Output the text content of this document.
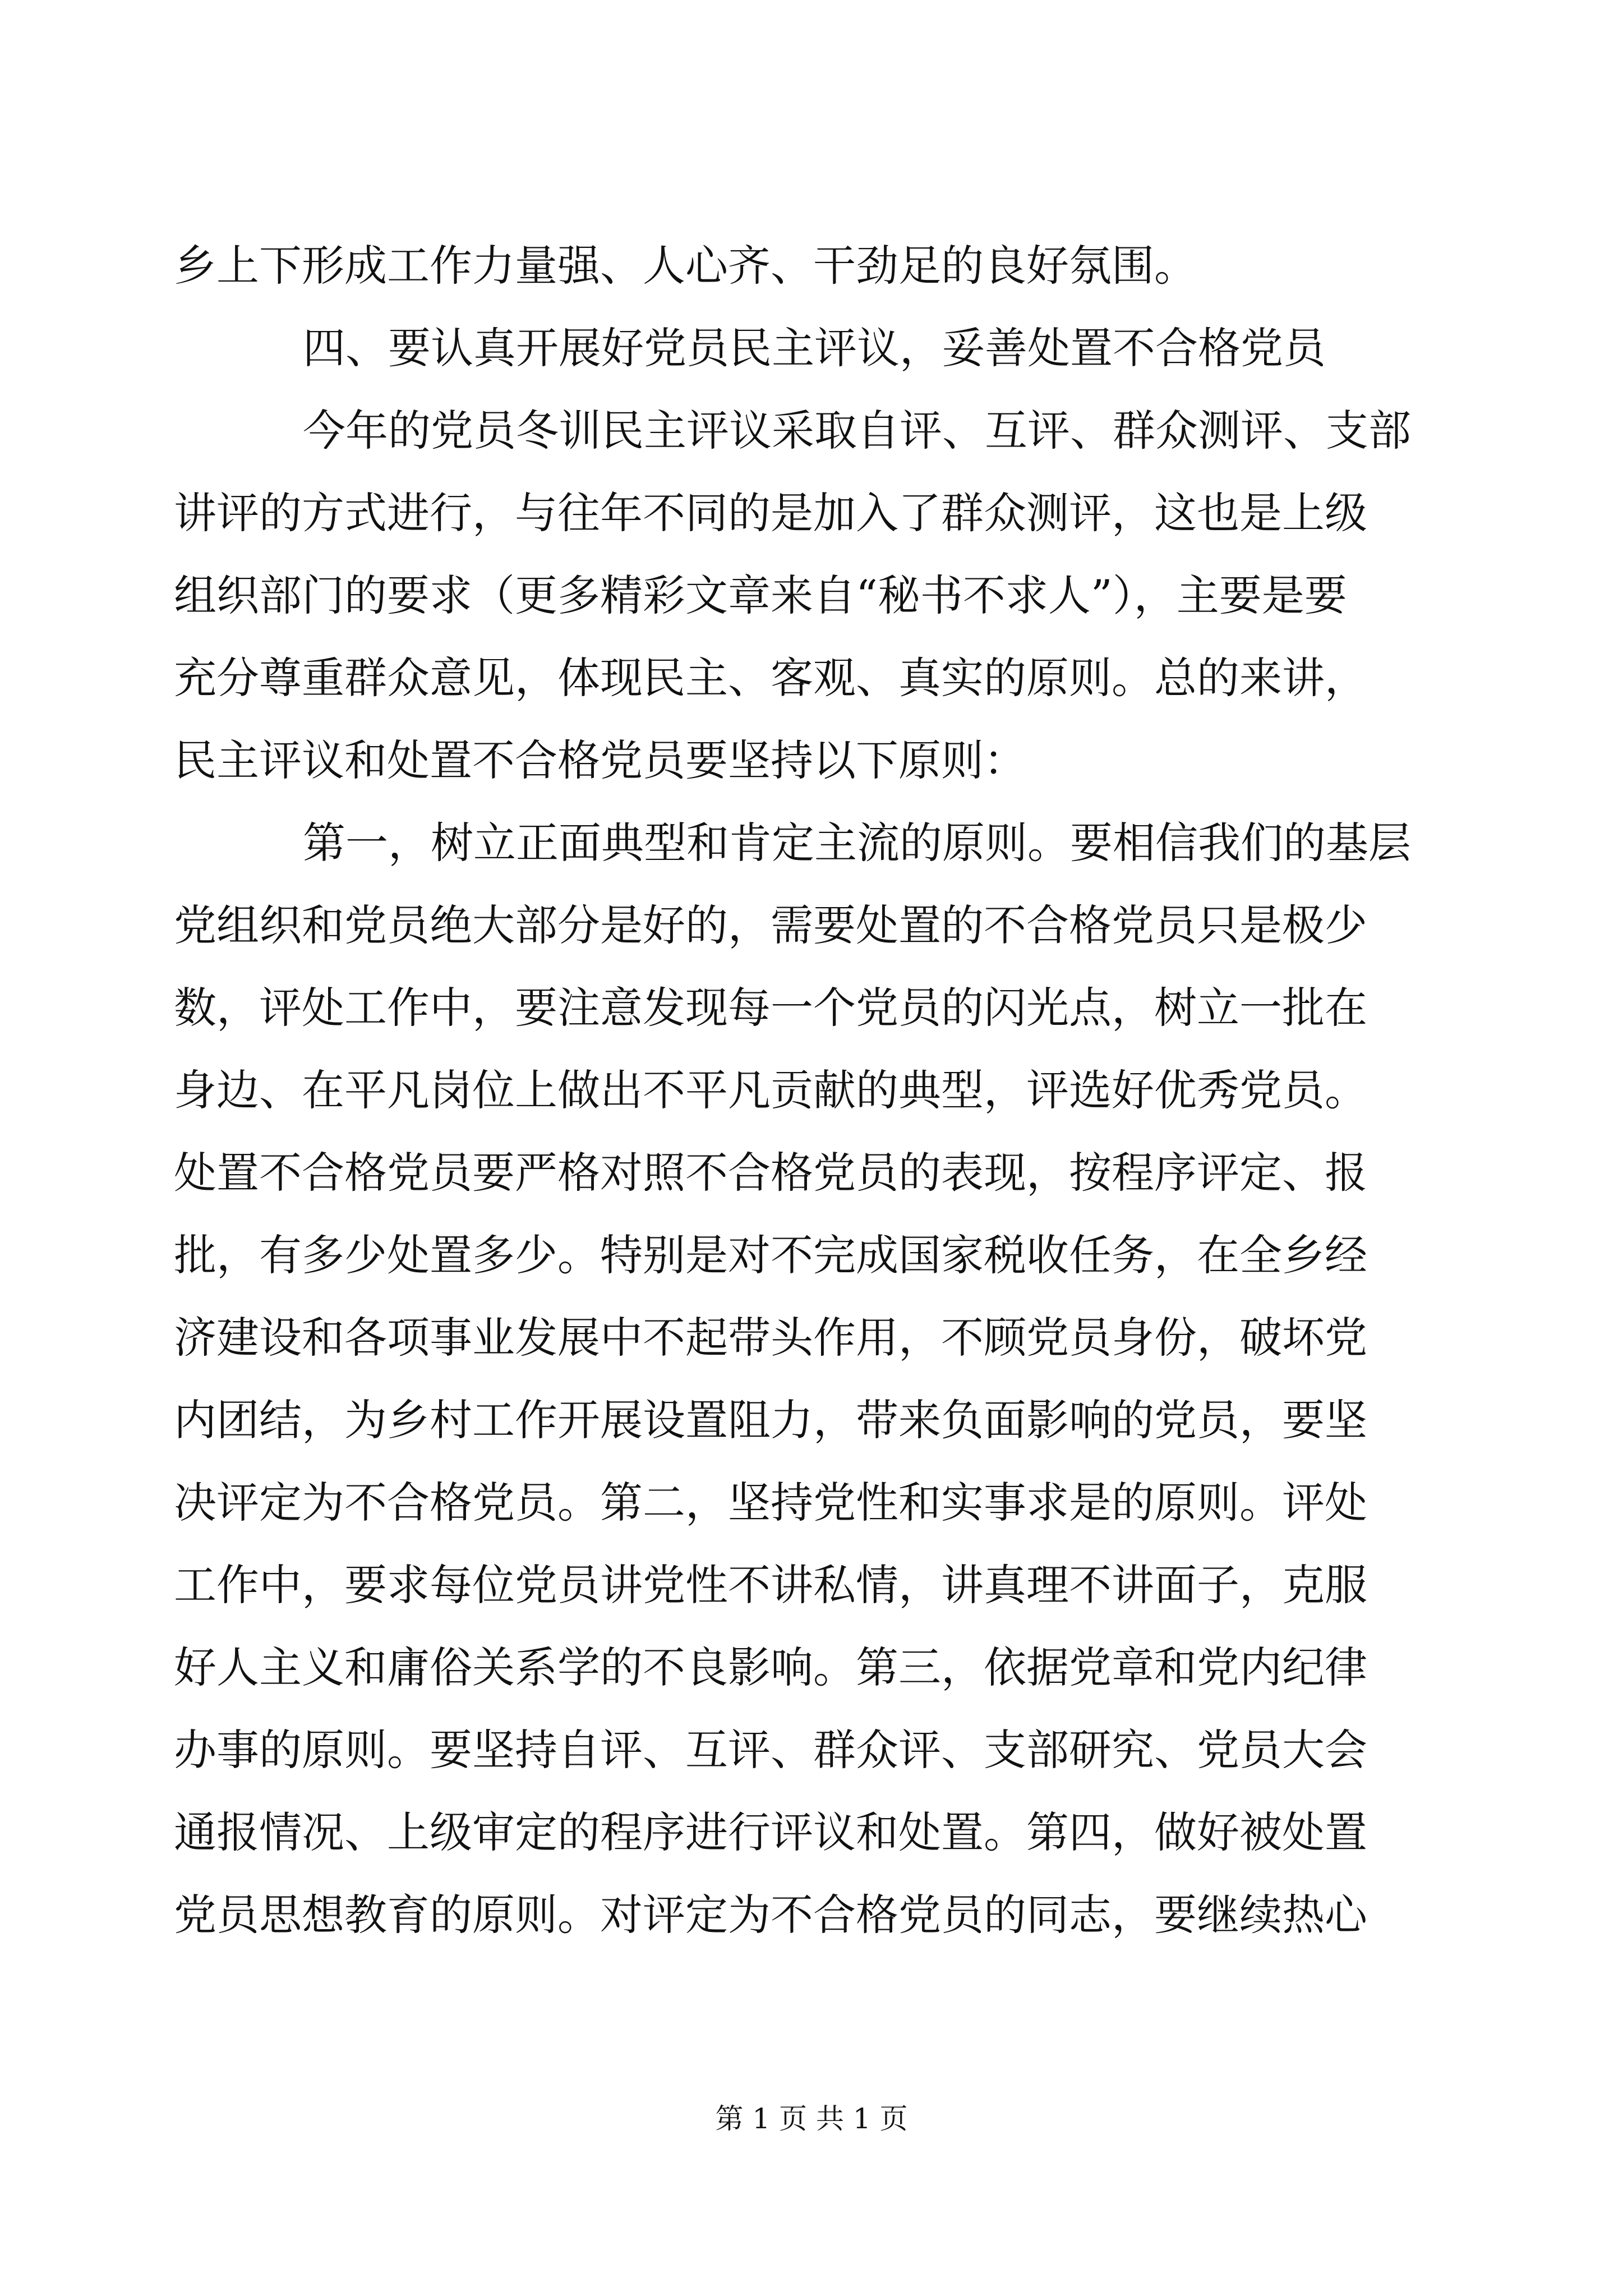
乡上下形成工作力量强、人心齐、干劲足的良好氛围。
四、要认真开展好党员民主评议，妥善处置不合格党员
今年的党员冬训民主评议采取自评、互评、群众测评、支部
讲评的方式进行，与往年不同的是加入了群众测评，这也是上级
组织部门的要求（更多精彩文章来自“秘书不求人”），主要是要
充分尊重群众意见，体现民主、客观、真实的原则。总的来讲，
民主评议和处置不合格党员要坚持以下原则：
第一，树立正面典型和肯定主流的原则。要相信我们的基层
党组织和党员绝大部分是好的，需要处置的不合格党员只是极少
数，评处工作中，要注意发现每一个党员的闪光点，树立一批在
身边、在平凡岗位上做出不平凡贡献的典型，评选好优秀党员。
处置不合格党员要严格对照不合格党员的表现，按程序评定、报
批，有多少处置多少。特别是对不完成国家税收任务，在全乡经
济建设和各项事业发展中不起带头作用，不顾党员身份，破坏党
内团结，为乡村工作开展设置阻力，带来负面影响的党员，要坚
决评定为不合格党员。第二，坚持党性和实事求是的原则。评处
工作中，要求每位党员讲党性不讲私情，讲真理不讲面子，克服
好人主义和庸俗关系学的不良影响。第三，依据党章和党内纪律
办事的原则。要坚持自评、互评、群众评、支部研究、党员大会
通报情况、上级审定的程序进行评议和处置。第四，做好被处置
党员思想教育的原则。对评定为不合格党员的同志，要继续热心
第 1 页 共 1 页
